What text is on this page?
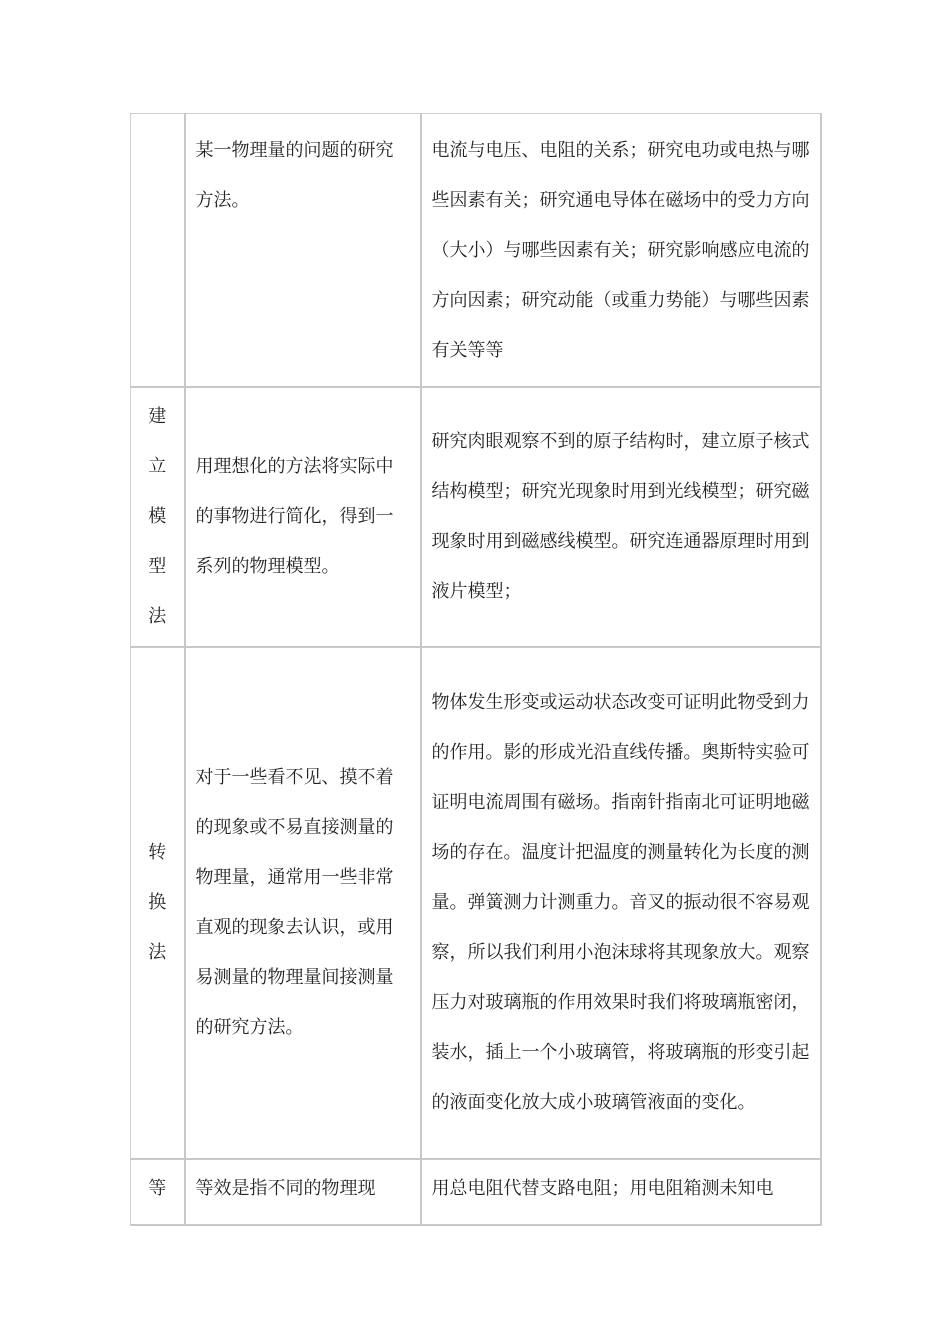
	某一物理量的问题的研究方法。	电流与电压、电阻的关系；研究电功或电热与哪些因素有关；研究通电导体在磁场中的受力方向（大小）与哪些因素有关；研究影响感应电流的方向因素；研究动能（或重力势能）与哪些因素有关等等

建立模型法	用理想化的方法将实际中的事物进行简化，得到一系列的物理模型。	研究肉眼观察不到的原子结构时，建立原子核式结构模型；研究光现象时用到光线模型；研究磁现象时用到磁感线模型。研究连通器原理时用到液片模型；

转换法	对于一些看不见、摸不着的现象或不易直接测量的物理量，通常用一些非常直观的现象去认识，或用易测量的物理量间接测量的研究方法。	物体发生形变或运动状态改变可证明此物受到力的作用。影的形成光沿直线传播。奥斯特实验可证明电流周围有磁场。指南针指南北可证明地磁场的存在。温度计把温度的测量转化为长度的测量。弹簧测力计测重力。音叉的振动很不容易观察，所以我们利用小泡沫球将其现象放大。观察压力对玻璃瓶的作用效果时我们将玻璃瓶密闭，装水，插上一个小玻璃管，将玻璃瓶的形变引起的液面变化放大成小玻璃管液面的变化。

等	等效是指不同的物理现	用总电阻代替支路电阻；用电阻箱测未知电
